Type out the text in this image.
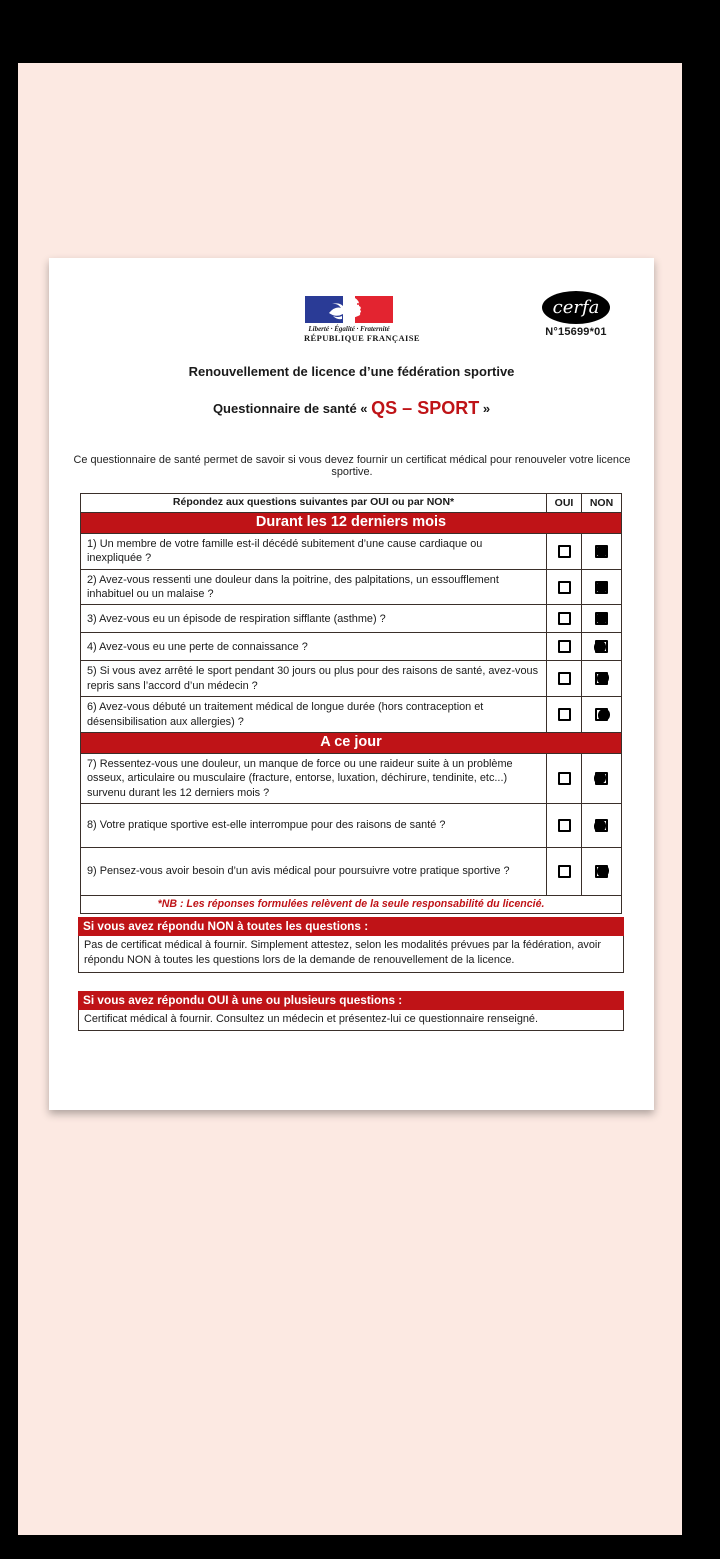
Liberté · Égalité · Fraternité
RÉPUBLIQUE FRANÇAISE
cerfa
N°15699*01
Renouvellement de licence d’une fédération sportive
Questionnaire de santé « QS – SPORT »
Ce questionnaire de santé permet de savoir si vous devez fournir un certificat médical pour renouveler votre licence sportive.
Répondez aux questions suivantes par OUI ou par NON*	OUI	NON
Durant les 12 derniers mois
1) Un membre de votre famille est-il décédé subitement d’une cause cardiaque ou inexpliquée ?
2) Avez-vous ressenti une douleur dans la poitrine, des palpitations, un essoufflement inhabituel ou un malaise ?
3) Avez-vous eu un épisode de respiration sifflante (asthme) ?
4) Avez-vous eu une perte de connaissance ?
5) Si vous avez arrêté le sport pendant 30 jours ou plus pour des raisons de santé, avez-vous repris sans l’accord d’un médecin ?
6) Avez-vous débuté un traitement médical de longue durée (hors contraception et désensibilisation aux allergies) ?
A ce jour
7) Ressentez-vous une douleur, un manque de force ou une raideur suite à un problème osseux, articulaire ou musculaire (fracture, entorse, luxation, déchirure, tendinite, etc...) survenu durant les 12 derniers mois ?
8) Votre pratique sportive est-elle interrompue pour des raisons de santé ?
9) Pensez-vous avoir besoin d’un avis médical pour poursuivre votre pratique sportive ?
*NB : Les réponses formulées relèvent de la seule responsabilité du licencié.
Si vous avez répondu NON à toutes les questions :
Pas de certificat médical à fournir. Simplement attestez, selon les modalités prévues par la fédération, avoir répondu NON à toutes les questions lors de la demande de renouvellement de la licence.
Si vous avez répondu OUI à une ou plusieurs questions :
Certificat médical à fournir. Consultez un médecin et présentez-lui ce questionnaire renseigné.
